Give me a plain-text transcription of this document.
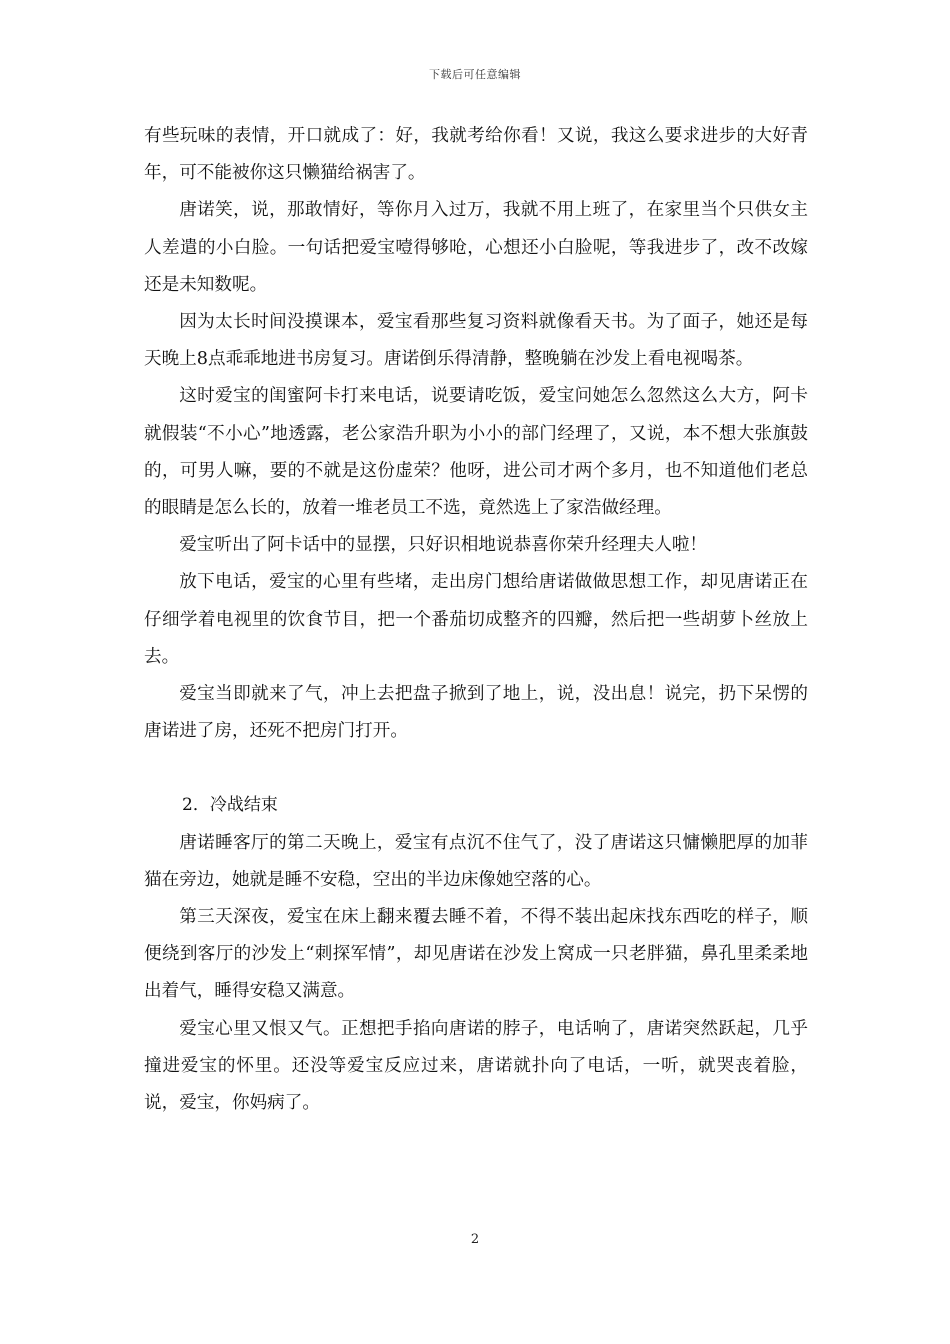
下载后可任意编辑

有些玩味的表情，开口就成了：好，我就考给你看！又说，我这么要求进步的大好青年，可不能被你这只懒猫给祸害了。

唐诺笑，说，那敢情好，等你月入过万，我就不用上班了，在家里当个只供女主人差遣的小白脸。一句话把爱宝噎得够呛，心想还小白脸呢，等我进步了，改不改嫁还是未知数呢。

因为太长时间没摸课本，爱宝看那些复习资料就像看天书。为了面子，她还是每天晚上8点乖乖地进书房复习。唐诺倒乐得清静，整晚躺在沙发上看电视喝茶。

这时爱宝的闺蜜阿卡打来电话，说要请吃饭，爱宝问她怎么忽然这么大方，阿卡就假装“不小心”地透露，老公家浩升职为小小的部门经理了，又说，本不想大张旗鼓的，可男人嘛，要的不就是这份虚荣？他呀，进公司才两个多月，也不知道他们老总的眼睛是怎么长的，放着一堆老员工不选，竟然选上了家浩做经理。

爱宝听出了阿卡话中的显摆，只好识相地说恭喜你荣升经理夫人啦！

放下电话，爱宝的心里有些堵，走出房门想给唐诺做做思想工作，却见唐诺正在仔细学着电视里的饮食节目，把一个番茄切成整齐的四瓣，然后把一些胡萝卜丝放上去。

爱宝当即就来了气，冲上去把盘子掀到了地上，说，没出息！说完，扔下呆愣的唐诺进了房，还死不把房门打开。

2．冷战结束

唐诺睡客厅的第二天晚上，爱宝有点沉不住气了，没了唐诺这只慵懒肥厚的加菲猫在旁边，她就是睡不安稳，空出的半边床像她空落的心。

第三天深夜，爱宝在床上翻来覆去睡不着，不得不装出起床找东西吃的样子，顺便绕到客厅的沙发上“刺探军情”，却见唐诺在沙发上窝成一只老胖猫，鼻孔里柔柔地出着气，睡得安稳又满意。

爱宝心里又恨又气。正想把手掐向唐诺的脖子，电话响了，唐诺突然跃起，几乎撞进爱宝的怀里。还没等爱宝反应过来，唐诺就扑向了电话，一听，就哭丧着脸，说，爱宝，你妈病了。

2
